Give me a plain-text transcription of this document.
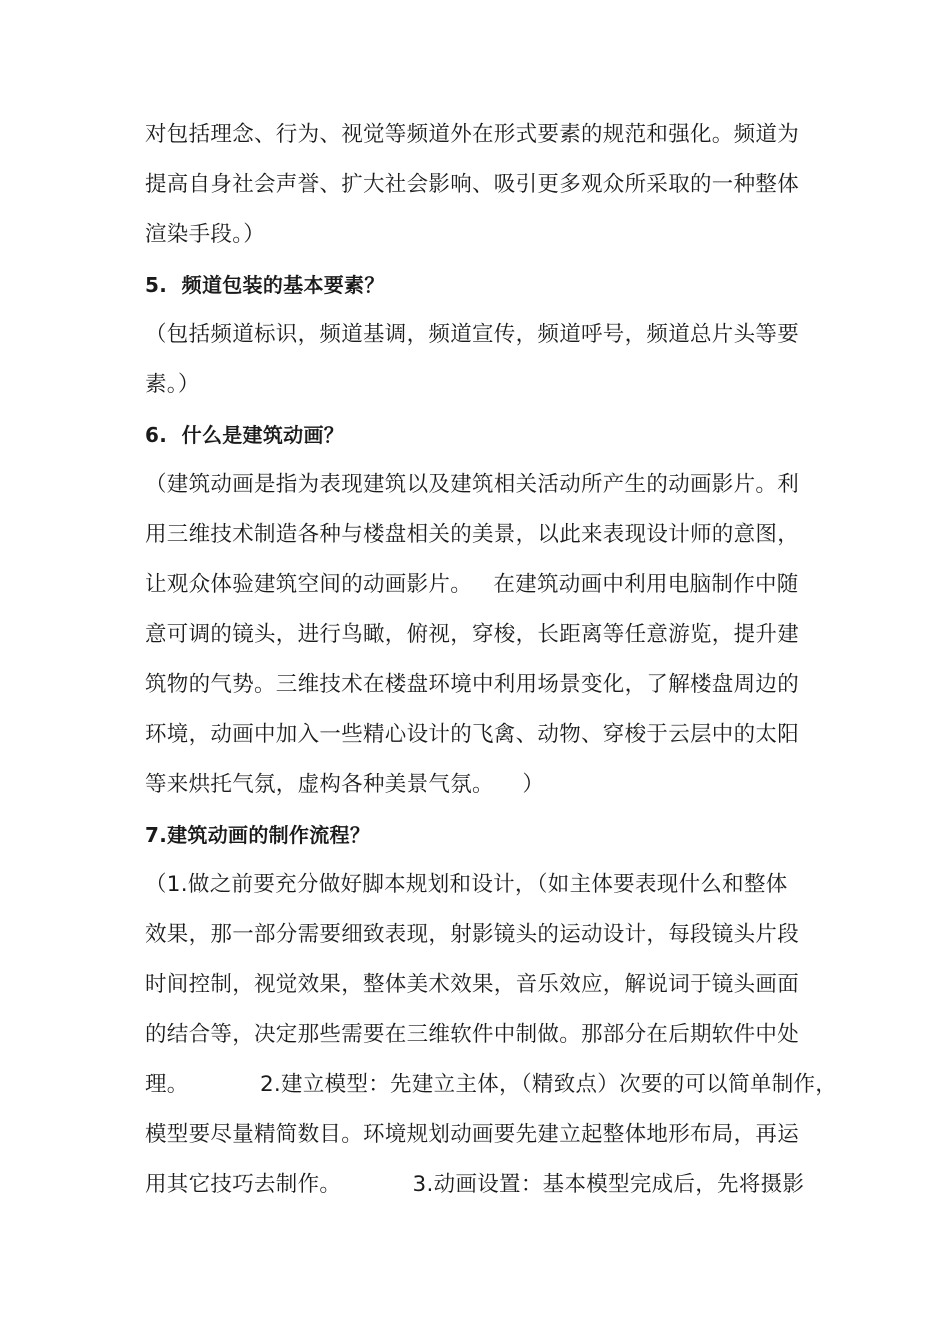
对包括理念、行为、视觉等频道外在形式要素的规范和强化。频道为
提高自身社会声誉、扩大社会影响、吸引更多观众所采取的一种整体
渲染手段。）
5.  频道包装的基本要素？
（包括频道标识，频道基调，频道宣传，频道呼号，频道总片头等要
素。）
6.  什么是建筑动画？
（建筑动画是指为表现建筑以及建筑相关活动所产生的动画影片。利
用三维技术制造各种与楼盘相关的美景，以此来表现设计师的意图，
让观众体验建筑空间的动画影片。   在建筑动画中利用电脑制作中随
意可调的镜头，进行鸟瞰，俯视，穿梭，长距离等任意游览，提升建
筑物的气势。三维技术在楼盘环境中利用场景变化，了解楼盘周边的
环境，动画中加入一些精心设计的飞禽、动物、穿梭于云层中的太阳
等来烘托气氛，虚构各种美景气氛。    ）
7.建筑动画的制作流程？
（1.做之前要充分做好脚本规划和设计，（如主体要表现什么和整体
效果，那一部分需要细致表现，射影镜头的运动设计，每段镜头片段
时间控制，视觉效果，整体美术效果，音乐效应，解说词于镜头画面
的结合等，决定那些需要在三维软件中制做。那部分在后期软件中处
理。          2.建立模型：先建立主体，（精致点）次要的可以简单制作，
模型要尽量精简数目。环境规划动画要先建立起整体地形布局，再运
用其它技巧去制作。          3.动画设置：基本模型完成后，先将摄影
